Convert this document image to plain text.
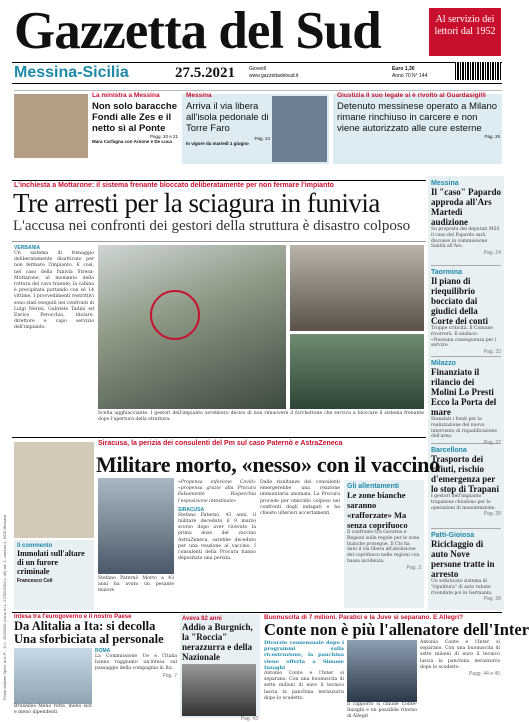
Gazzetta del Sud	Al servizio dei lettori dal 1952
Messina-Sicilia	27.5.2021	Giovedì
www.gazzettadelsud.it
Euro 1,30
Anno 70 N° 144
La ministra a Messina
Non solo baracche Fondi alle Zes e il netto sì al Ponte
Pagg. 20 e 21
Mara Carfagna con Arnone e De Luca
Messina
Arriva il via libera all'isola pedonale di Torre Faro
Pag. 24
In vigore da martedì 1 giugno
Giustizia Il suo legale si è rivolto al Guardasigilli
Detenuto messinese operato a Milano rimane rinchiuso in carcere e non viene autorizzato alle cure esterne
Pag. 25
L'inchiesta a Mottarone: il sistema frenante bloccato deliberatamente per non fermare l'impianto
Tre arresti per la sciagura in funivia
L'accusa nei confronti dei gestori della struttura è disastro colposo
VERBANIA
Un sistema di frenaggio deliberatamente disattivato per non fermare l'impianto. E così, nel caso della funivia Stresa-Mottarone, al momento della rottura del cavo traente, la cabina è precipitata portando con sé 14 vittime. I provvedimenti restrittivi sono stati eseguiti nei confronti di Luigi Nerini, Gabriele Tadini ed Enrico Perocchio, titolare, direttore e capo servizio dell'impianto.
Scelta agghiacciante. I gestori dell'impianto avrebbero deciso di non rimuovere il forchettone che serviva a bloccare il sistema frenante dopo l'apertura della struttura.
Messina
Il "caso" Papardo approda all'Ars Martedì audizione
Su proposta dei deputati M5S il caso del Papardo sarà discusso in commissione Sanità all'Ars.
Pag. 24
Taormina
Il piano di riequilibrio bocciato dai giudici della Corte dei conti
Troppe criticità. Il Comune ricorrerà. Il sindaco: «Nessuna conseguenza per i servizi»
Pag. 33
Milazzo
Finanziato il rilancio dei Molini Lo Presti Ecco la Porta del mare
Stanziati i fondi per la realizzazione del nuovo intervento di riqualificazione dell'area.
Pag. 37
Barcellona
Trasporto dei rifiuti, rischio d'emergenza per lo stop di Trapani
I gestori dell'impianto trapanese chiudono per le operazioni di manutenzione.
Pag. 39
Patti-Gioiosa
Riciclaggio di auto Nove persone tratte in arresto
Un sofisticato sistema di "ripulitura" di auto rubate rivendute poi in Germania.
Pag. 38
Siracusa, la perizia dei consulenti del Pm sul caso Paternò e AstraZeneca
Militare morto, «nesso» con il vaccino
Il commento
Immolati sull'altare di un furore criminale
Francesco Celi	Stefano Paternò Morto a 43 anni ha avuto un pesante malore
«Propensa infezione Covid» «propensa grazie alla Procura Falsamente Rispecchia l'esposizione intestinale»
SIRACUSA
Stefano Paternò, 43 anni, il militare deceduto il 9 marzo scorso dopo aver ricevuto la prima dose del vaccino AstraZeneca, sarebbe deceduto per una reazione al vaccino. I consulenti della Procura hanno depositato una perizia.
Dalle risultanze dei consulenti emergerebbe una reazione immunitaria anomala. La Procura procede per omicidio colposo nei confronti degli indagati e ha chiesto ulteriori accertamenti.
Gli allentamenti
Le zone bianche saranno «rafforzate» Ma senza coprifuoco
Il confronto tra Governo e Regioni sulle regole per le zone bianche prosegue. Il Cts ha dato il via libera all'abolizione del coprifuoco nelle regioni con bassa incidenza.
Pag. 3
Intesa tra l'eurogoverno e il nostro Paese
Da Alitalia a Ita: si decolla Una sforbiciata al personale
ROMA
La Commissione Ue e l'Italia hanno raggiunto un'intesa sul passaggio della compagnia in Ita.
Pag. 7
Bruxelles Meno rotte, meno slot e meno dipendenti
Aveva 82 anni
Addio a Burgnich, la "Roccia" nerazzurra e della Nazionale
Pag. 43
Buonuscita di 7 milioni. Paratici e la Juve si separano. E Allegri?
Conte non è più l'allenatore dell'Inter
Divorzio consensuale dopo i programmi sulla ricostruzione, la panchina viene offerta a Simone Inzaghi
Antonio Conte e l'Inter si separano. Con una buonuscita di sette milioni di euro il tecnico lascia la panchina nerazzurra dopo lo scudetto.
Il rapporto si chiude Conte-Inzaghi e un possibile ritorno di Allegri
Antonio Conte e l'Inter si separano. Con una buonuscita di sette milioni di euro il tecnico lascia la panchina nerazzurra dopo lo scudetto.
Pagg. 44 e 45
Poste Italiane Sped. in A.P. - D.L. 353/2003 (conv. in L. 27/02/2004 n. 46) art. 1, comma 1, DCB Messina
